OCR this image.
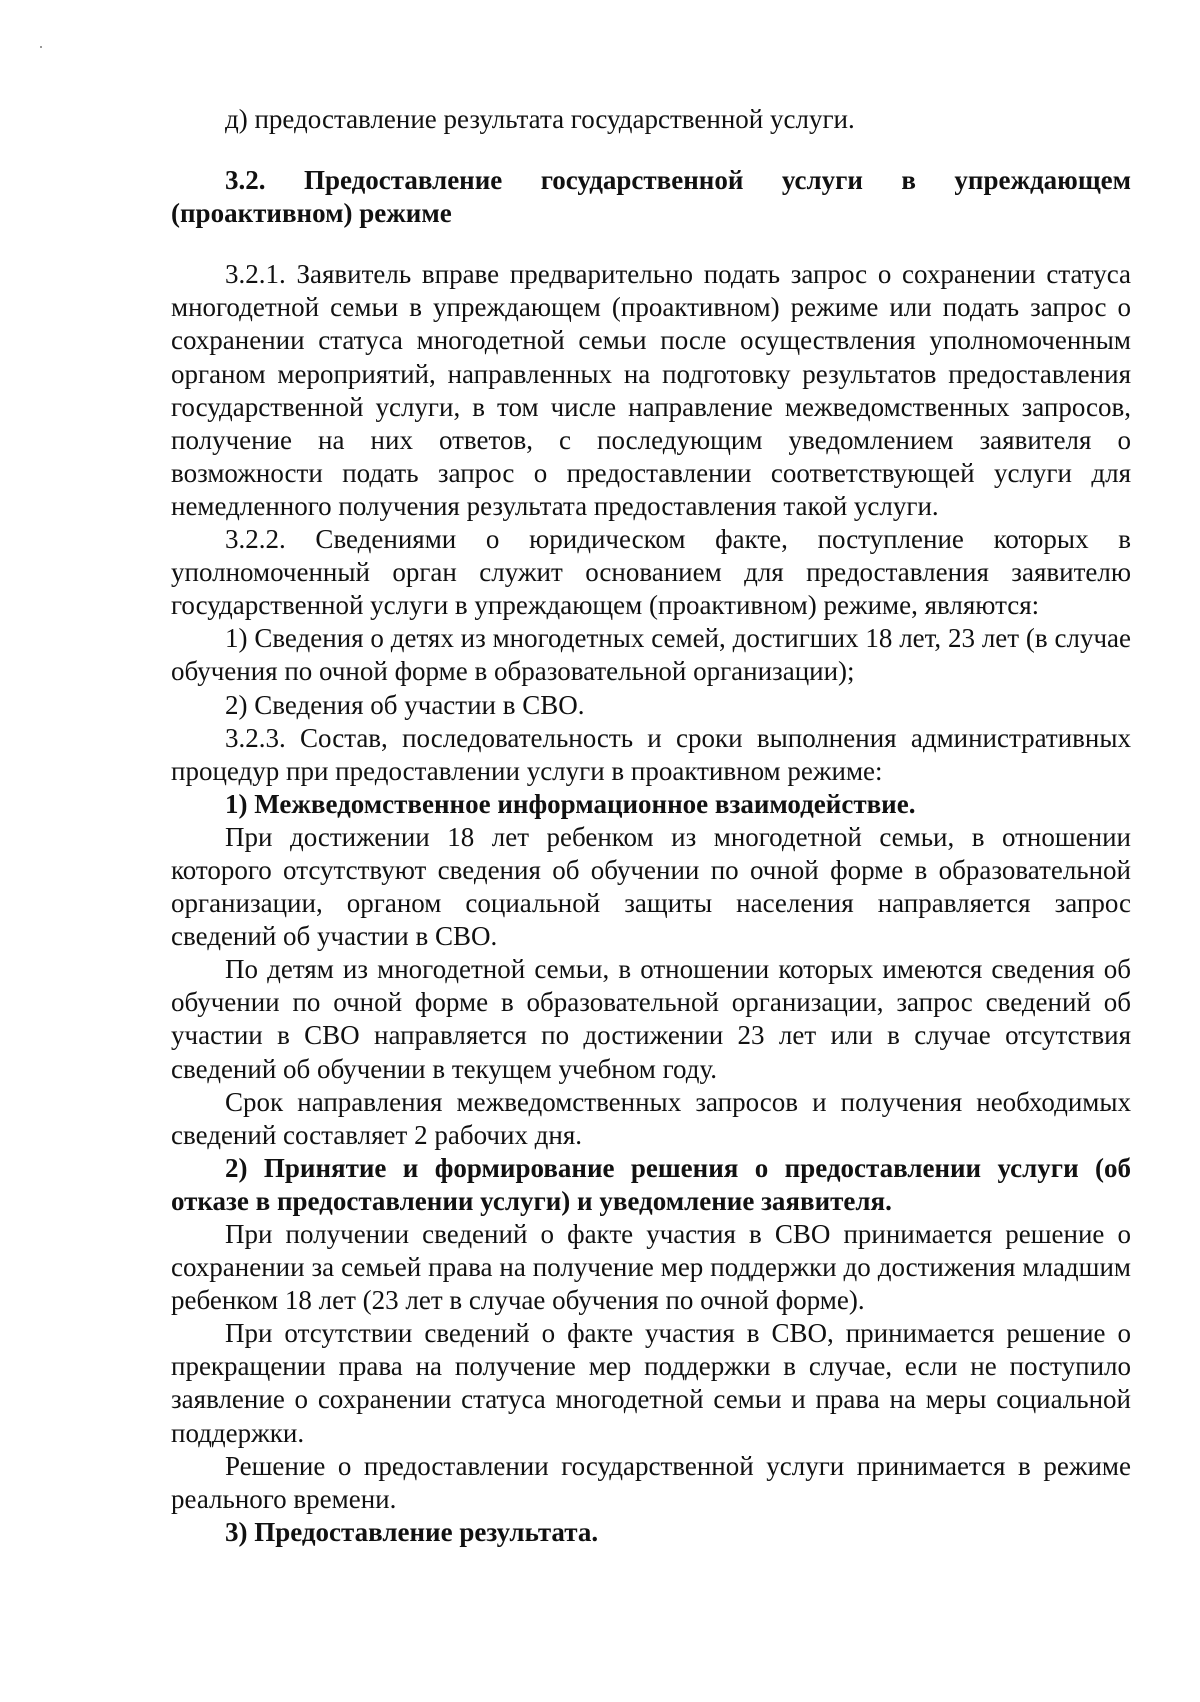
д) предоставление результата государственной услуги.

3.2. Предоставление государственной услуги в упреждающем (проактивном) режиме

3.2.1. Заявитель вправе предварительно подать запрос о сохранении статуса многодетной семьи в упреждающем (проактивном) режиме или подать запрос о сохранении статуса многодетной семьи после осуществления уполномоченным органом мероприятий, направленных на подготовку результатов предоставления государственной услуги, в том числе направление межведомственных запросов, получение на них ответов, с последующим уведомлением заявителя о возможности подать запрос о предоставлении соответствующей услуги для немедленного получения результата предоставления такой услуги.

3.2.2. Сведениями о юридическом факте, поступление которых в уполномоченный орган служит основанием для предоставления заявителю государственной услуги в упреждающем (проактивном) режиме, являются:

1) Сведения о детях из многодетных семей, достигших 18 лет, 23 лет (в случае обучения по очной форме в образовательной организации);

2) Сведения об участии в СВО.

3.2.3. Состав, последовательность и сроки выполнения административных процедур при предоставлении услуги в проактивном режиме:

1) Межведомственное информационное взаимодействие.

При достижении 18 лет ребенком из многодетной семьи, в отношении которого отсутствуют сведения об обучении по очной форме в образовательной организации, органом социальной защиты населения направляется запрос сведений об участии в СВО.

По детям из многодетной семьи, в отношении которых имеются сведения об обучении по очной форме в образовательной организации, запрос сведений об участии в СВО направляется по достижении 23 лет или в случае отсутствия сведений об обучении в текущем учебном году.

Срок направления межведомственных запросов и получения необходимых сведений составляет 2 рабочих дня.

2) Принятие и формирование решения о предоставлении услуги (об отказе в предоставлении услуги) и уведомление заявителя.

При получении сведений о факте участия в СВО принимается решение о сохранении за семьей права на получение мер поддержки до достижения младшим ребенком 18 лет (23 лет в случае обучения по очной форме).

При отсутствии сведений о факте участия в СВО, принимается решение о прекращении права на получение мер поддержки в случае, если не поступило заявление о сохранении статуса многодетной семьи и права на меры социальной поддержки.

Решение о предоставлении государственной услуги принимается в режиме реального времени.

3) Предоставление результата.
